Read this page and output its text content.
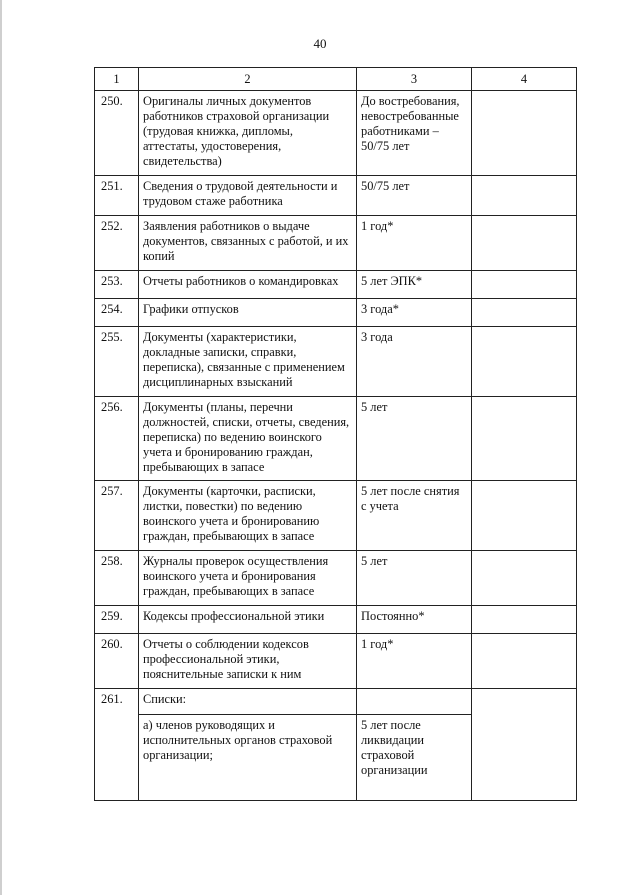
40
1	2	3	4
250.	Оригиналы личных документов
работников страховой организации
(трудовая книжка, дипломы,
аттестаты, удостоверения,
свидетельства)	До востребования,
невостребованные
работниками –
50/75 лет	
251.	Сведения о трудовой деятельности и
трудовом стаже работника	50/75 лет	
252.	Заявления работников о выдаче
документов, связанных с работой, и их
копий	1 год*	
253.	Отчеты работников о командировках	5 лет ЭПК*	
254.	Графики отпусков	3 года*	
255.	Документы (характеристики,
докладные записки, справки,
переписка), связанные с применением
дисциплинарных взысканий	3 года	
256.	Документы (планы, перечни
должностей, списки, отчеты, сведения,
переписка) по ведению воинского
учета и бронированию граждан,
пребывающих в запасе	5 лет	
257.	Документы (карточки, расписки,
листки, повестки) по ведению
воинского учета и бронированию
граждан, пребывающих в запасе	5 лет после снятия
с учета	
258.	Журналы проверок осуществления
воинского учета и бронирования
граждан, пребывающих в запасе	5 лет	
259.	Кодексы профессиональной этики	Постоянно*	
260.	Отчеты о соблюдении кодексов
профессиональной этики,
пояснительные записки к ним	1 год*	
261.	Списки:		
	а) членов руководящих и
исполнительных органов страховой
организации;	5 лет после
ликвидации
страховой
организации	
